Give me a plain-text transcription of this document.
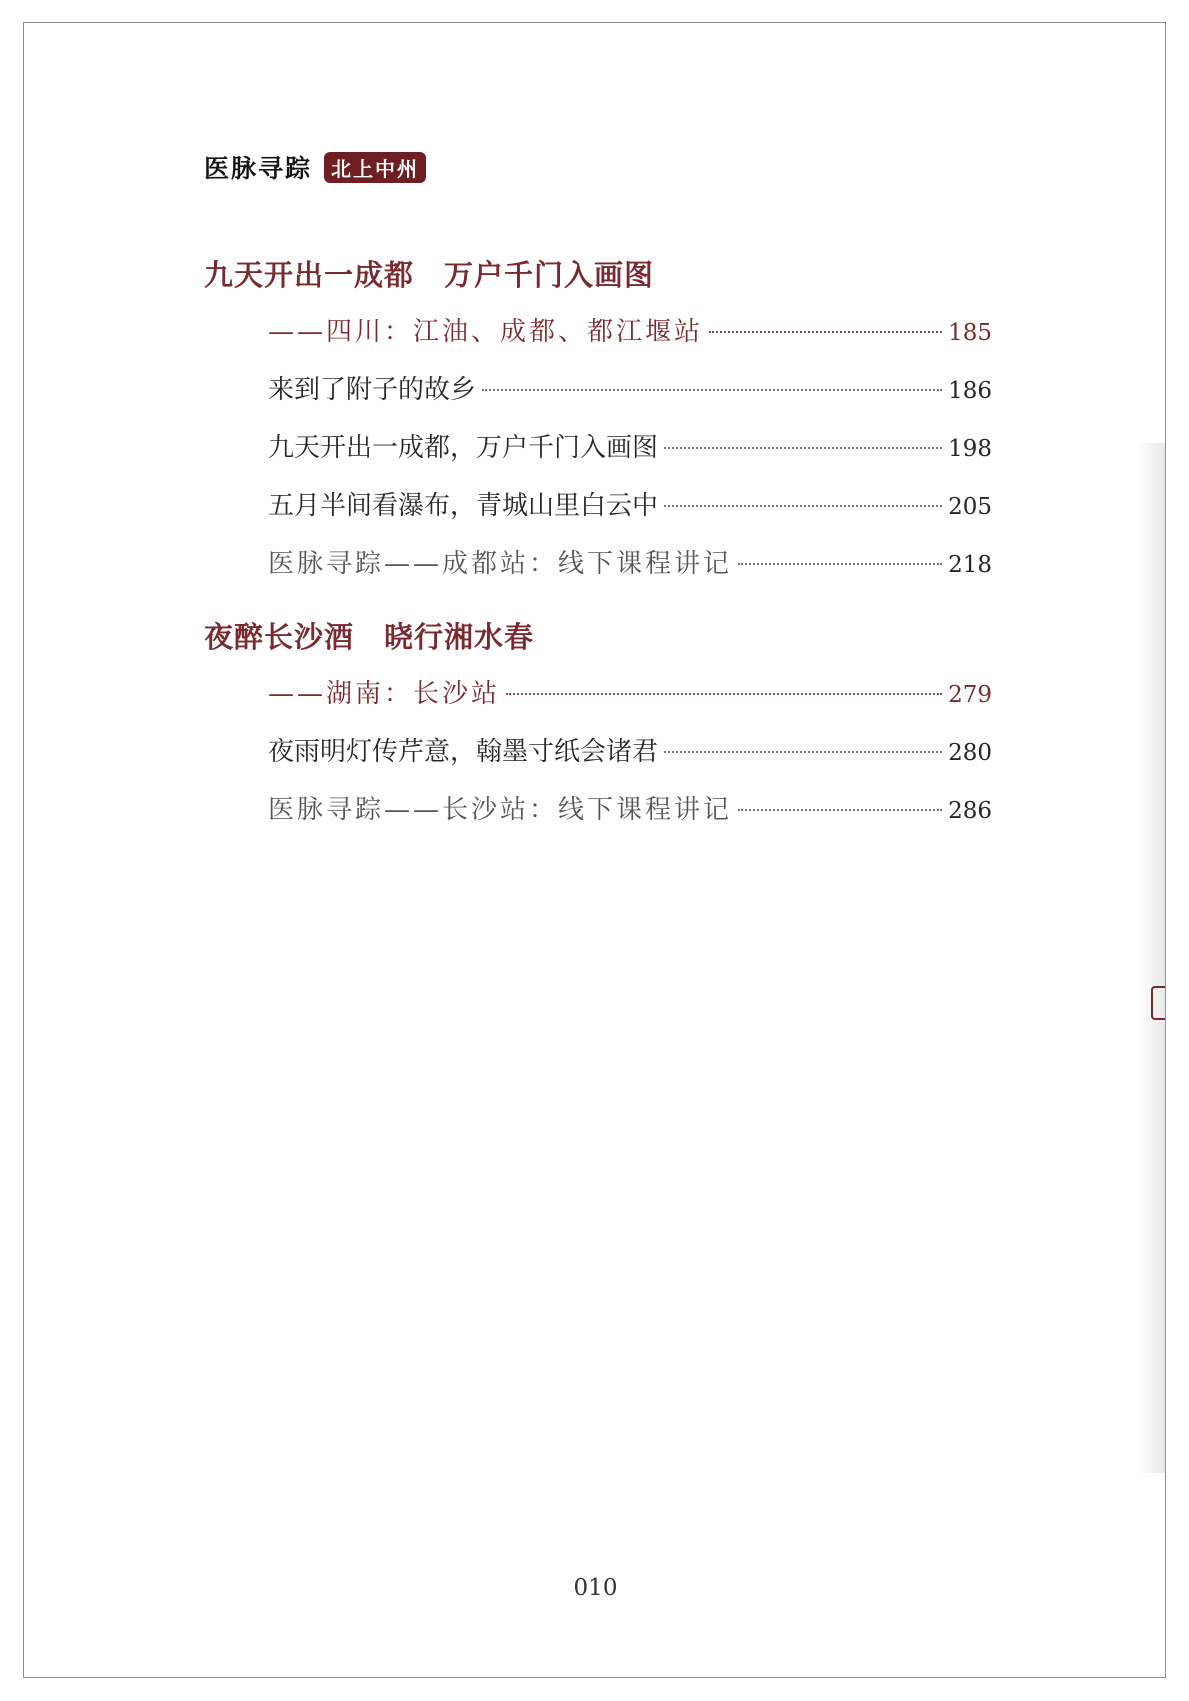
医脉寻踪 北上中州
九天开出一成都　万户千门入画图
——四川：江油、成都、都江堰站	185
来到了附子的故乡	186
九天开出一成都，万户千门入画图	198
五月半间看瀑布，青城山里白云中	205
医脉寻踪——成都站：线下课程讲记	218
夜醉长沙酒　晓行湘水春
——湖南：长沙站	279
夜雨明灯传芹意，翰墨寸纸会诸君	280
医脉寻踪——长沙站：线下课程讲记	286
010
